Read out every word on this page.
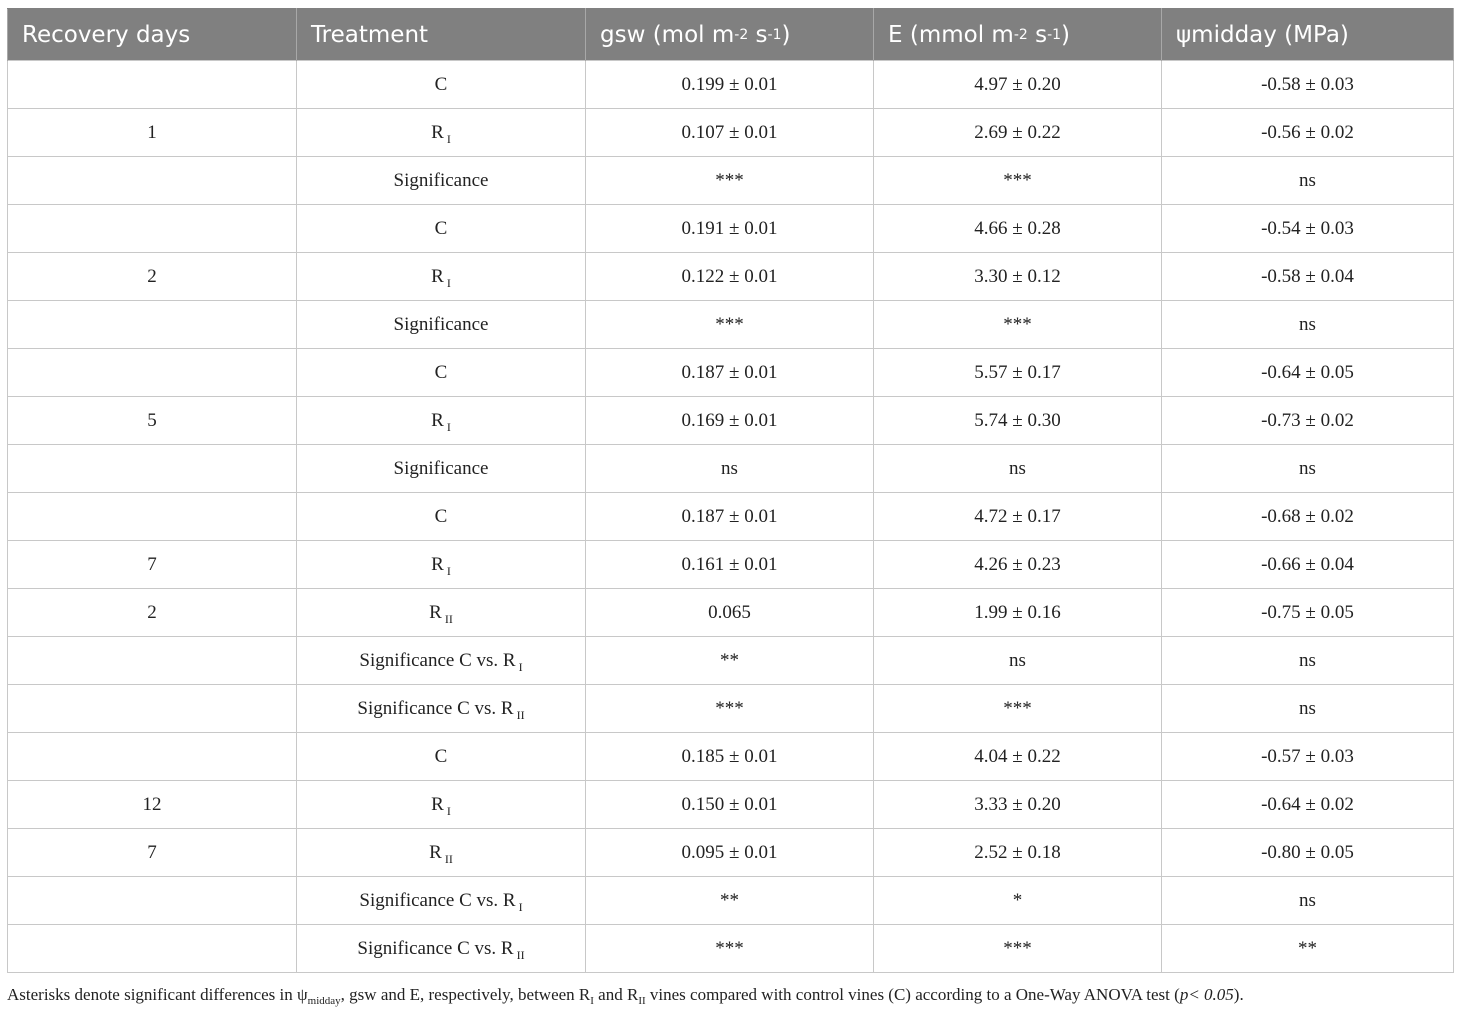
Recovery days	Treatment	gsw (mol $m^{-2}$ $s^{-1}$)	E (mmol $m^{-2}$ $s^{-1}$)	ψmidday (MPa)
	C	0.199 ± 0.01	4.97 ± 0.20	-0.58 ± 0.03
1	R $_I$	0.107 ± 0.01	2.69 ± 0.22	-0.56 ± 0.02
	Significance	***	***	ns
	C	0.191 ± 0.01	4.66 ± 0.28	-0.54 ± 0.03
2	R $_I$	0.122 ± 0.01	3.30 ± 0.12	-0.58 ± 0.04
	Significance	***	***	ns
	C	0.187 ± 0.01	5.57 ± 0.17	-0.64 ± 0.05
5	R $_I$	0.169 ± 0.01	5.74 ± 0.30	-0.73 ± 0.02
	Significance	ns	ns	ns
	C	0.187 ± 0.01	4.72 ± 0.17	-0.68 ± 0.02
7	R $_I$	0.161 ± 0.01	4.26 ± 0.23	-0.66 ± 0.04
2	R $_{II}$	0.065	1.99 ± 0.16	-0.75 ± 0.05
	Significance C vs. R $_I$	**	ns	ns
	Significance C vs. R $_{II}$	***	***	ns
	C	0.185 ± 0.01	4.04 ± 0.22	-0.57 ± 0.03
12	R $_I$	0.150 ± 0.01	3.33 ± 0.20	-0.64 ± 0.02
7	R $_{II}$	0.095 ± 0.01	2.52 ± 0.18	-0.80 ± 0.05
	Significance C vs. R $_I$	**	*	ns
	Significance C vs. R $_{II}$	***	***	**
Asterisks denote significant differences in $\psi_{midday}$, gsw and E, respectively, between $R_I$ and $R_{II}$ vines compared with control vines (C) according to a One-Way ANOVA test (p< 0.05).
